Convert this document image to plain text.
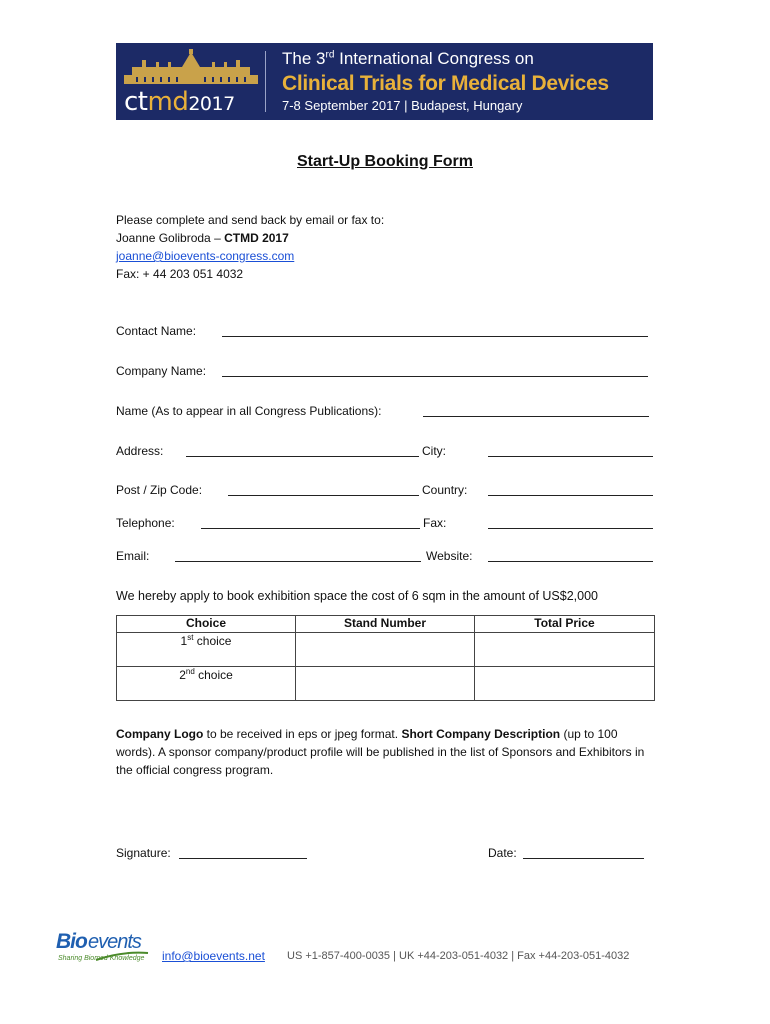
ctmd2017
The 3rd International Congress on
Clinical Trials for Medical Devices
7-8 September 2017 | Budapest, Hungary
Start-Up Booking Form
Please complete and send back by email or fax to:
Joanne Golibroda – CTMD 2017
joanne@bioevents-congress.com
Fax: + 44 203 051 4032
Contact Name:
Company Name:
Name (As to appear in all Congress Publications):
Address:	City:
Post / Zip Code:	Country:
Telephone:	Fax:
Email:	Website:
We hereby apply to book exhibition space the cost of 6 sqm in the amount of US$2,000
Choice	Stand Number	Total Price
1st choice		
2nd choice		
Company Logo to be received in eps or jpeg format. Short Company Description (up to 100 words). A sponsor company/product profile will be published in the list of Sponsors and Exhibitors in the official congress program.
Signature:	Date:
Bio events
Sharing Biomed Knowledge info@bioevents.net US +1-857-400-0035 | UK +44-203-051-4032 | Fax +44-203-051-4032
